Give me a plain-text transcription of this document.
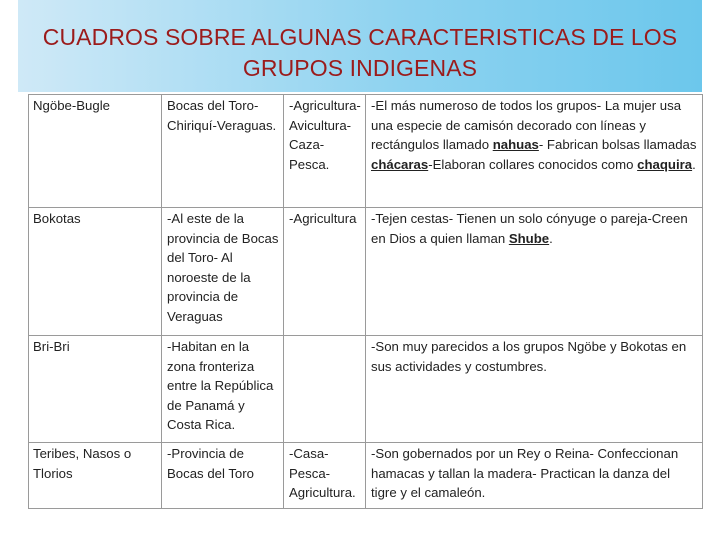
CUADROS SOBRE ALGUNAS CARACTERISTICAS DE LOS GRUPOS INDIGENAS
Ngöbe-Bugle	Bocas del Toro-Chiriquí-Veraguas.	-Agricultura-Avicultura-Caza-Pesca.	-El más numeroso de todos los grupos- La mujer usa una especie de camisón decorado con líneas y rectángulos llamado nahuas- Fabrican bolsas llamadas chácaras-Elaboran collares conocidos como chaquira.
Bokotas	-Al este de la provincia de Bocas del Toro- Al noroeste de la provincia de Veraguas	-Agricultura	-Tejen cestas- Tienen un solo cónyuge o pareja-Creen en Dios a quien llaman Shube.
Bri-Bri	-Habitan en la zona fronteriza entre la República de Panamá y Costa Rica.		-Son muy parecidos a los grupos Ngöbe y Bokotas en sus actividades y costumbres.
Teribes, Nasos o Tlorios	-Provincia de Bocas del Toro	-Casa-Pesca-Agricultura.	-Son gobernados por un Rey o Reina- Confeccionan hamacas y tallan la madera- Practican la danza del tigre y el camaleón.
